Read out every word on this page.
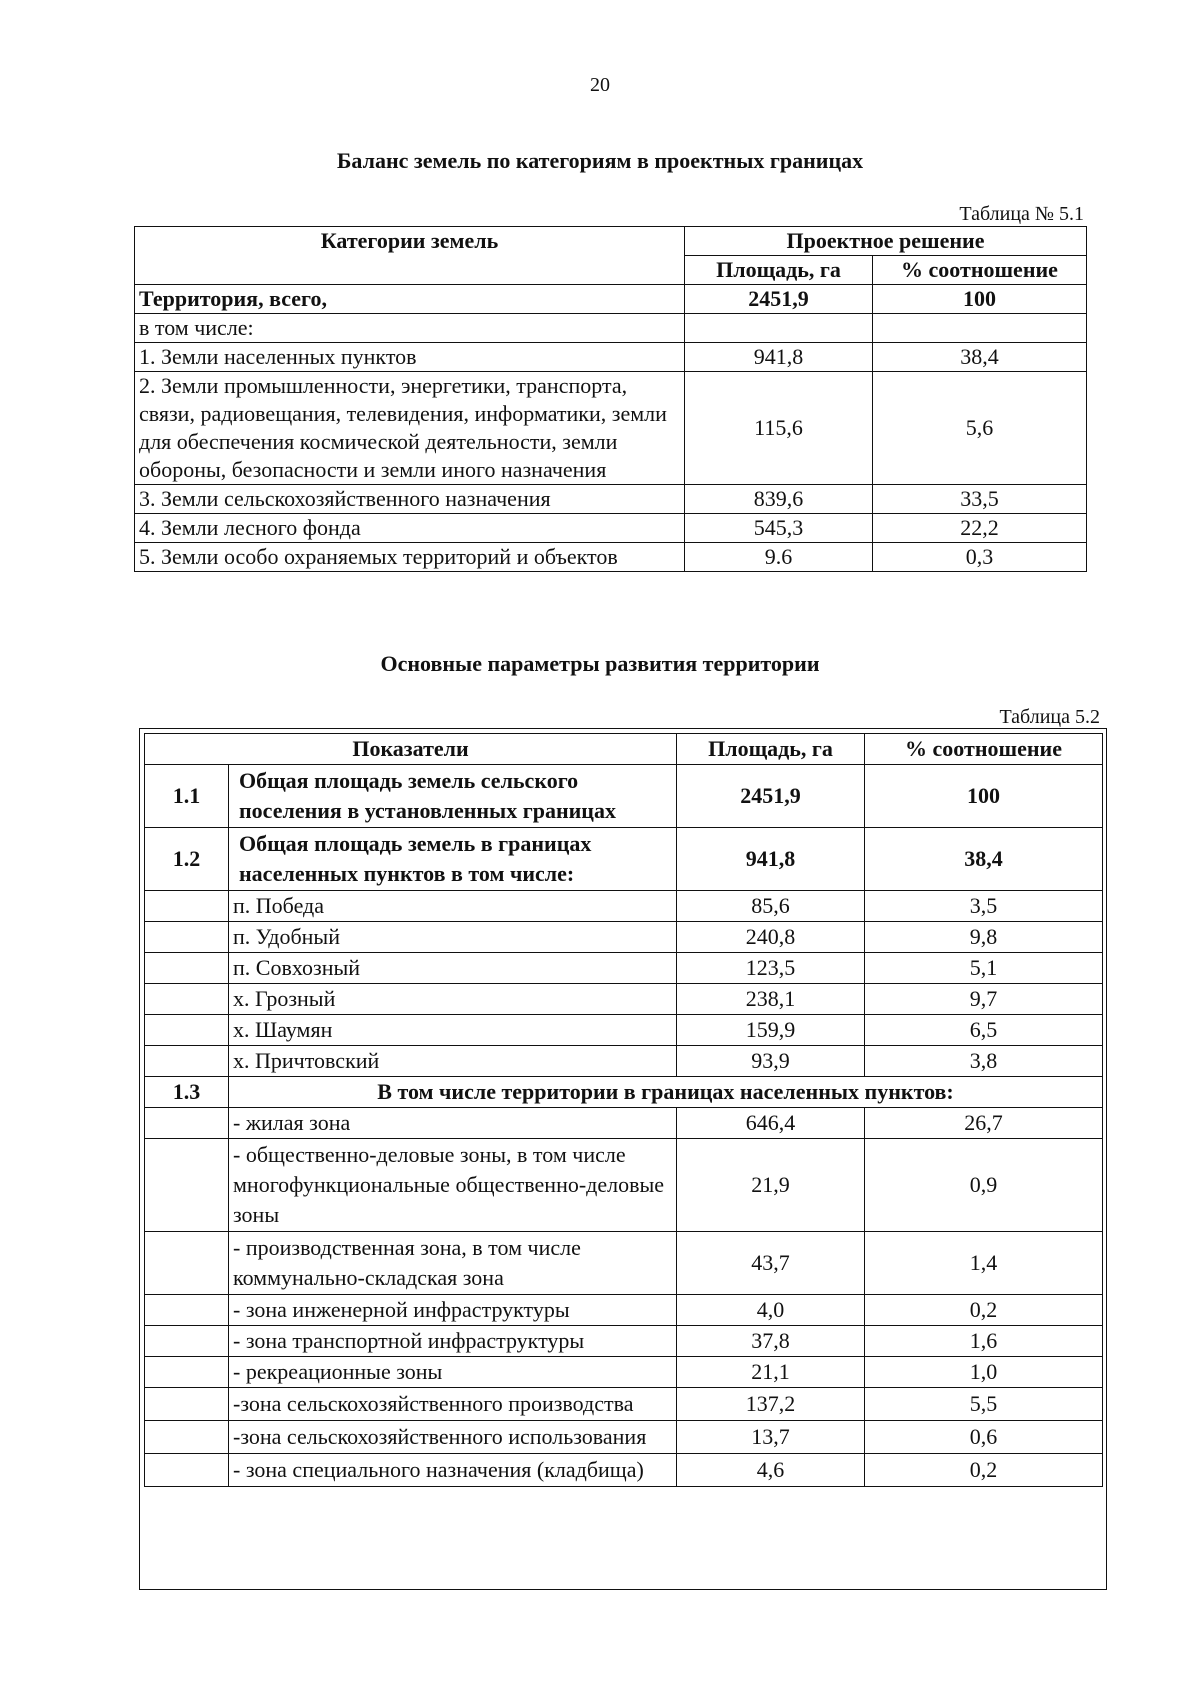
20
Баланс земель по категориям в проектных границах
Таблица № 5.1
Категории земель	Проектное решение	
	Площадь, га	% соотношение
Территория, всего,	2451,9	100
в том числе:		
1. Земли населенных пунктов	941,8	38,4
2. Земли промышленности, энергетики, транспорта, связи, радиовещания, телевидения, информатики, земли для обеспечения космической деятельности, земли обороны, безопасности и земли иного назначения	115,6	5,6
3. Земли сельскохозяйственного назначения	839,6	33,5
4. Земли лесного фонда	545,3	22,2
5. Земли особо охраняемых территорий и объектов	9.6	0,3
Основные параметры развития территории
Таблица 5.2
Показатели		Площадь, га	% соотношение
1.1	Общая площадь земель сельского поселения в установленных границах	2451,9	100
1.2	Общая площадь земель в границах населенных пунктов в том числе:	941,8	38,4
	п. Победа	85,6	3,5
	п. Удобный	240,8	9,8
	п. Совхозный	123,5	5,1
	х. Грозный	238,1	9,7
	х. Шаумян	159,9	6,5
	х. Причтовский	93,9	3,8
1.3	В том числе территории в границах населенных пунктов:		
	- жилая зона	646,4	26,7
	- общественно-деловые зоны, в том числе многофункциональные общественно-деловые зоны	21,9	0,9
	- производственная зона, в том числе коммунально-складская зона	43,7	1,4
	- зона инженерной инфраструктуры	4,0	0,2
	- зона транспортной инфраструктуры	37,8	1,6
	- рекреационные зоны	21,1	1,0
	-зона сельскохозяйственного производства	137,2	5,5
	-зона сельскохозяйственного использования	13,7	0,6
	- зона специального назначения (кладбища)	4,6	0,2
